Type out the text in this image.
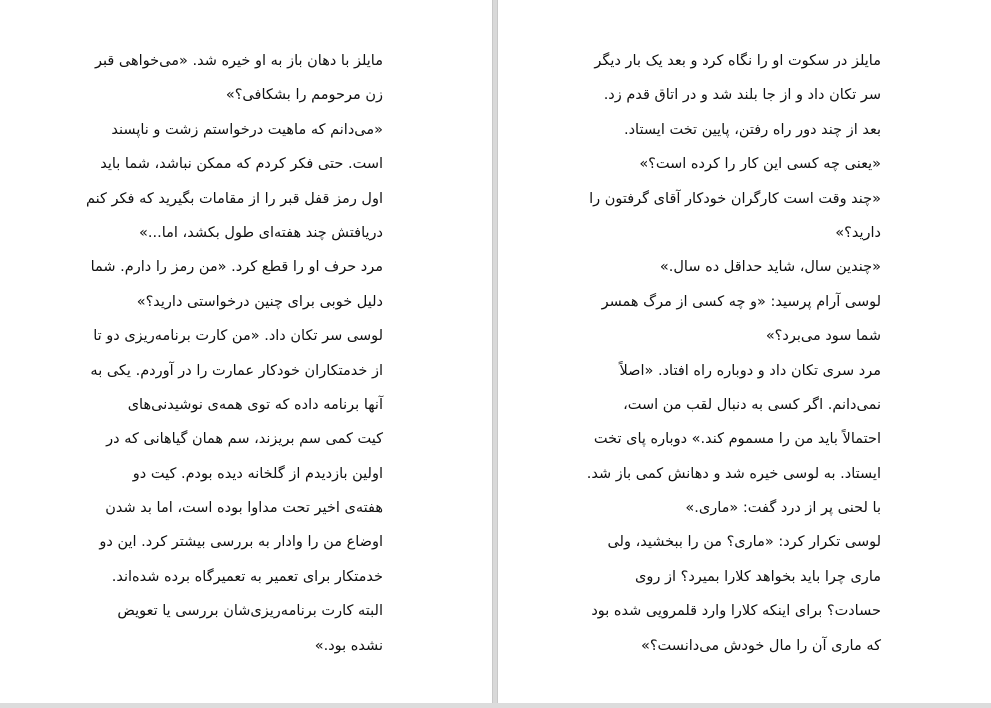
مایلز با دهان باز به او خیره شد. «می‌خواهی قبر
زن مرحومم را بشکافی؟»
«می‌دانم که ماهیت درخواستم زشت و ناپسند
است. حتی فکر کردم که ممکن نباشد، شما باید
اول رمز قفل قبر را از مقامات بگیرید که فکر کنم
دریافتش چند هفته‌ای طول بکشد، اما...»
مرد حرف او را قطع کرد. «من رمز را دارم. شما
دلیل خوبی برای چنین درخواستی دارید؟»
لوسی سر تکان داد. «من کارت برنامه‌ریزی دو تا
از خدمتکاران خودکار عمارت را در آوردم. یکی به
آنها برنامه داده که توی همه‌ی نوشیدنی‌های
کیت کمی سم بریزند، سم همان گیاهانی که در
اولین بازدیدم از گلخانه دیده بودم. کیت دو
هفته‌ی اخیر تحت مداوا بوده است، اما بد شدن
اوضاع من را وادار به بررسی بیشتر کرد. این دو
خدمتکار برای تعمیر به تعمیرگاه برده شده‌اند.
البته کارت برنامه‌ریزی‌شان بررسی یا تعویض
نشده بود.»
مایلز در سکوت او را نگاه کرد و بعد یک بار دیگر
سر تکان داد و از جا بلند شد و در اتاق قدم زد.
بعد از چند دور راه رفتن، پایین تخت ایستاد.
«یعنی چه کسی این کار را کرده است؟»
«چند وقت است کارگران خودکار آقای گرفتون را
دارید؟»
«چندین سال، شاید حداقل ده سال.»
لوسی آرام پرسید: «و چه کسی از مرگ همسر
شما سود می‌برد؟»
مرد سری تکان داد و دوباره راه افتاد. «اصلاً
نمی‌دانم. اگر کسی به دنبال لقب من است،
احتمالاً باید من را مسموم کند.» دوباره پای تخت
ایستاد. به لوسی خیره شد و دهانش کمی باز شد.
با لحنی پر از درد گفت: «ماری.»
لوسی تکرار کرد: «ماری؟ من را ببخشید، ولی
ماری چرا باید بخواهد کلارا بمیرد؟ از روی
حسادت؟ برای اینکه کلارا وارد قلمرویی شده بود
که ماری آن را مال خودش می‌دانست؟»
